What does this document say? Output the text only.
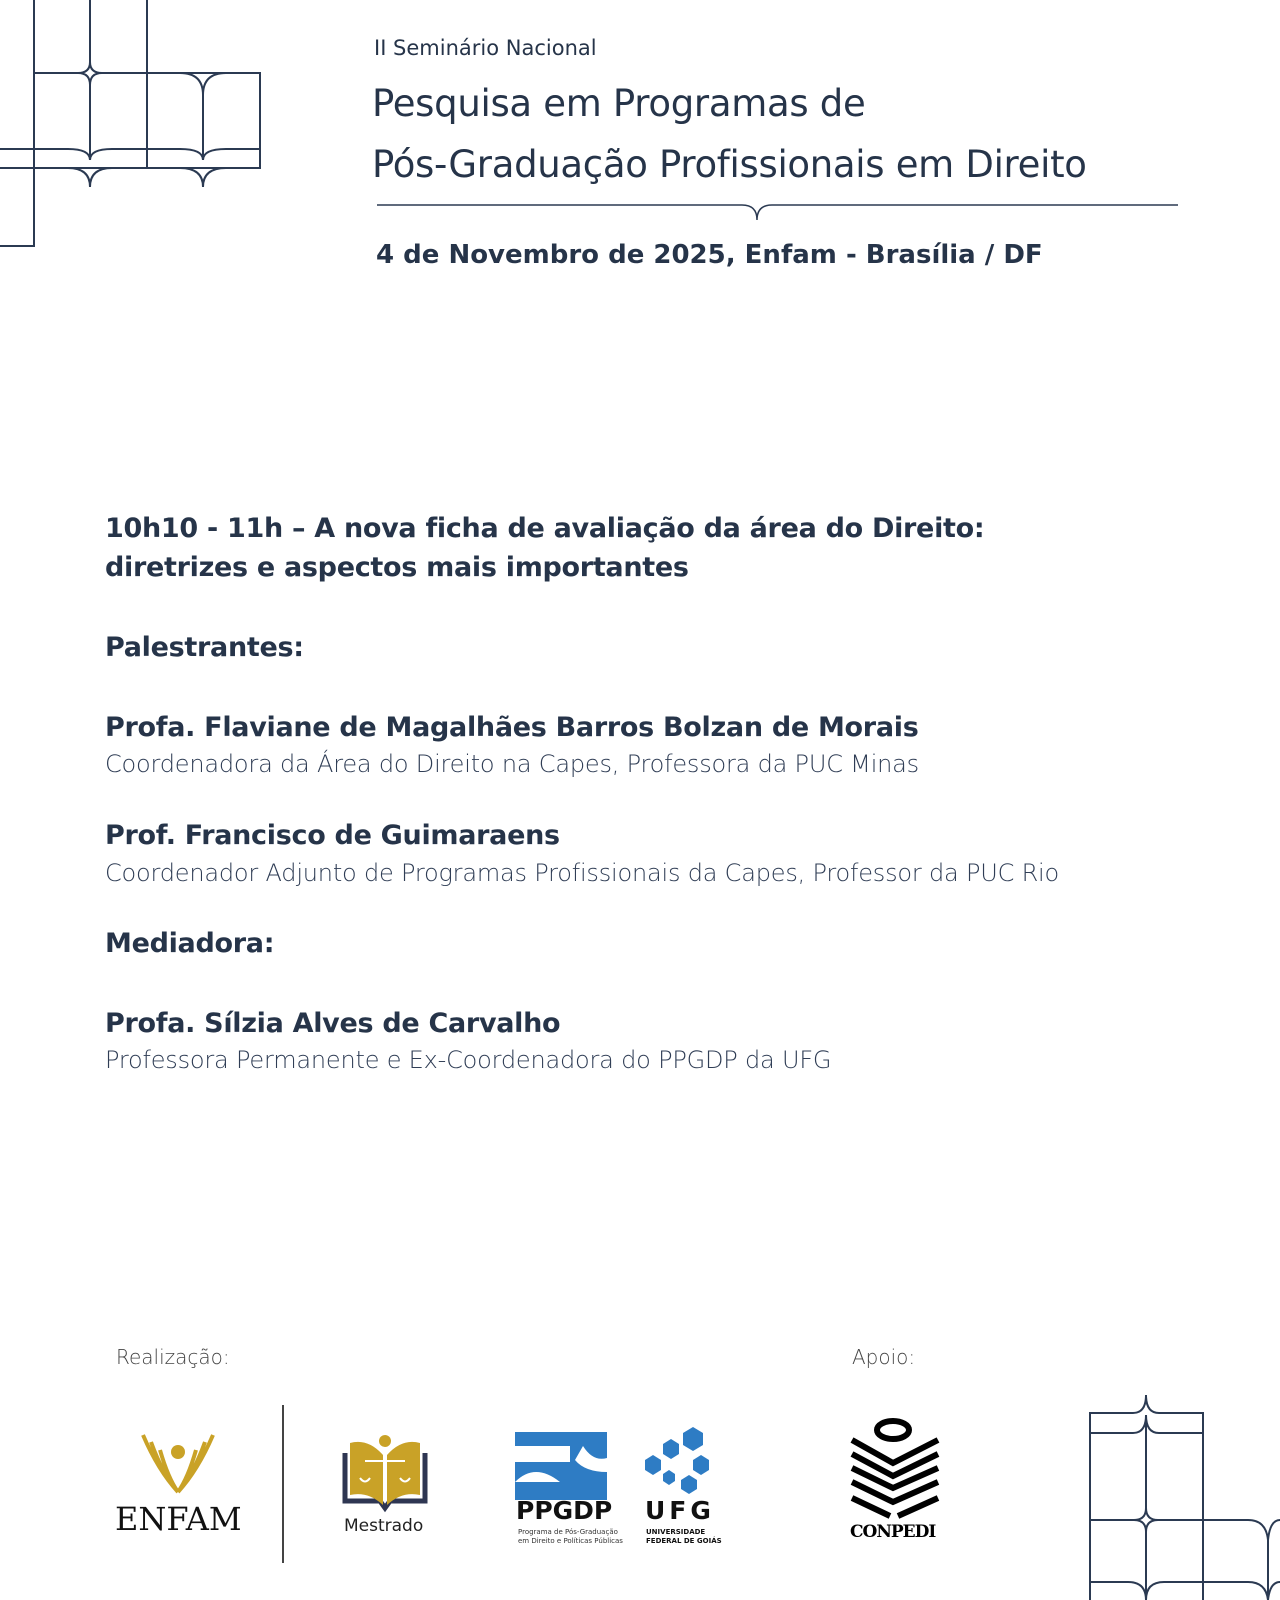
II Seminário Nacional
Pesquisa em Programas de
Pós-Graduação Profissionais em Direito
4 de Novembro de 2025, Enfam - Brasília / DF
10h10 - 11h – A nova ficha de avaliação da área do Direito:
diretrizes e aspectos mais importantes
Palestrantes:
Profa. Flaviane de Magalhães Barros Bolzan de Morais
Coordenadora da Área do Direito na Capes, Professora da PUC Minas
Prof. Francisco de Guimaraens
Coordenador Adjunto de Programas Profissionais da Capes, Professor da PUC Rio
Mediadora:
Profa. Sílzia Alves de Carvalho
Professora Permanente e Ex-Coordenadora do PPGDP da UFG
Realização:	Apoio:
ENFAM	Mestrado
PPGDP
Programa de Pós-Graduação
em Direito e Políticas Públicas
UFG
UNIVERSIDADE
FEDERAL DE GOIÁS	CONPEDI
